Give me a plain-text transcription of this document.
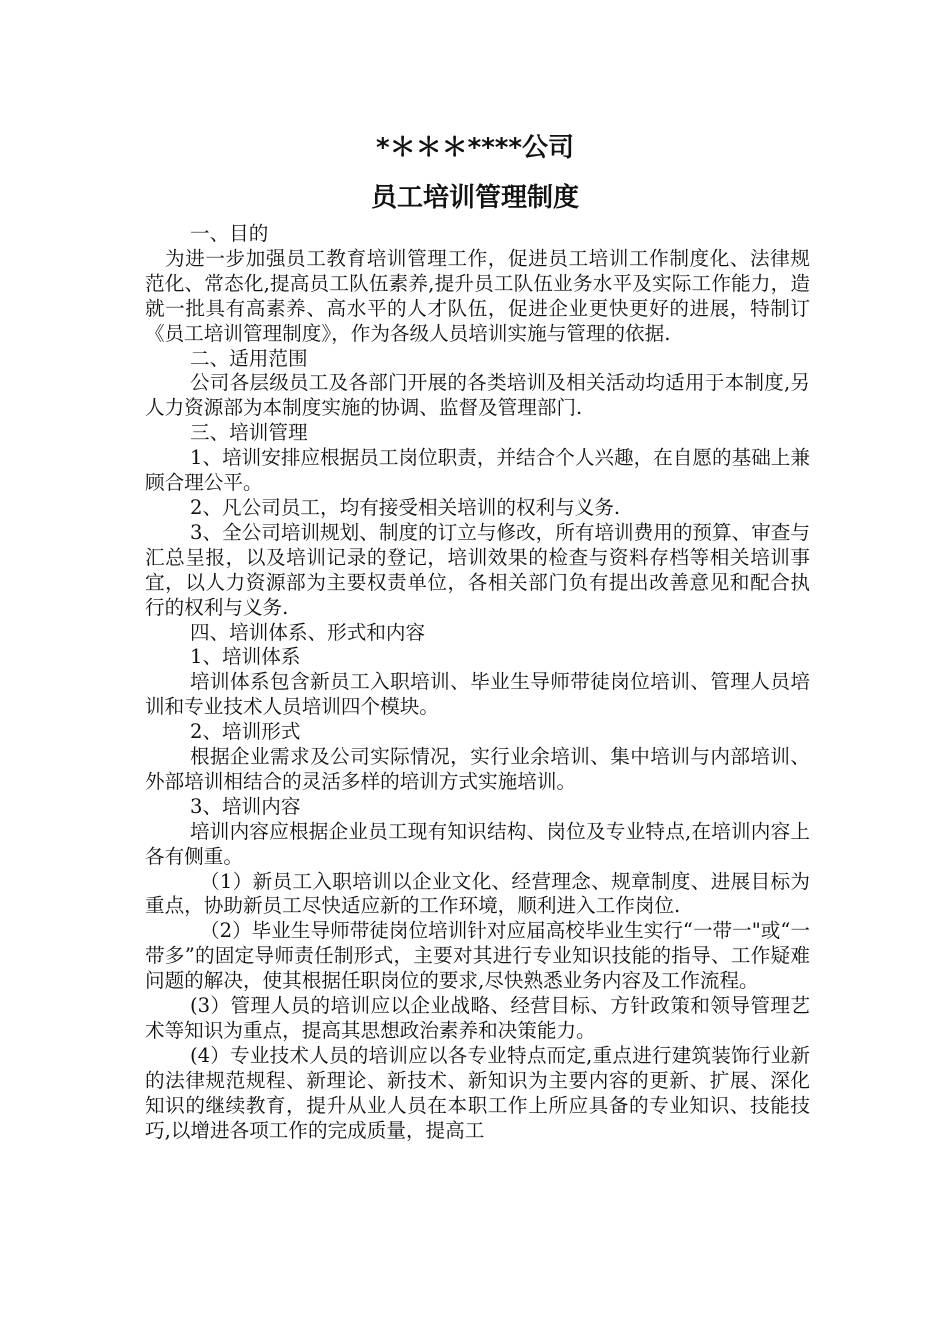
*＊＊＊****公司
员工培训管理制度

一、目的

为进一步加强员工教育培训管理工作，促进员工培训工作制度化、法律规范化、常态化,提高员工队伍素养,提升员工队伍业务水平及实际工作能力，造就一批具有高素养、高水平的人才队伍，促进企业更快更好的进展，特制订《员工培训管理制度》，作为各级人员培训实施与管理的依据.

二、适用范围

公司各层级员工及各部门开展的各类培训及相关活动均适用于本制度,另人力资源部为本制度实施的协调、监督及管理部门.

三、培训管理

1、培训安排应根据员工岗位职责，并结合个人兴趣，在自愿的基础上兼顾合理公平。

2、凡公司员工，均有接受相关培训的权利与义务.

3、全公司培训规划、制度的订立与修改，所有培训费用的预算、审查与汇总呈报，以及培训记录的登记，培训效果的检查与资料存档等相关培训事宜，以人力资源部为主要权责单位，各相关部门负有提出改善意见和配合执行的权利与义务.

四、培训体系、形式和内容

1、培训体系

培训体系包含新员工入职培训、毕业生导师带徒岗位培训、管理人员培训和专业技术人员培训四个模块。

2、培训形式

根据企业需求及公司实际情况，实行业余培训、集中培训与内部培训、外部培训相结合的灵活多样的培训方式实施培训。

3、培训内容

培训内容应根据企业员工现有知识结构、岗位及专业特点,在培训内容上各有侧重。

（1）新员工入职培训以企业文化、经营理念、规章制度、进展目标为重点，协助新员工尽快适应新的工作环境，顺利进入工作岗位.

（2）毕业生导师带徒岗位培训针对应届高校毕业生实行“一带一"或“一带多”的固定导师责任制形式，主要对其进行专业知识技能的指导、工作疑难问题的解决，使其根据任职岗位的要求,尽快熟悉业务内容及工作流程。

(3）管理人员的培训应以企业战略、经营目标、方针政策和领导管理艺术等知识为重点，提高其思想政治素养和决策能力。

(4）专业技术人员的培训应以各专业特点而定,重点进行建筑装饰行业新的法律规范规程、新理论、新技术、新知识为主要内容的更新、扩展、深化知识的继续教育，提升从业人员在本职工作上所应具备的专业知识、技能技巧,以增进各项工作的完成质量，提高工
